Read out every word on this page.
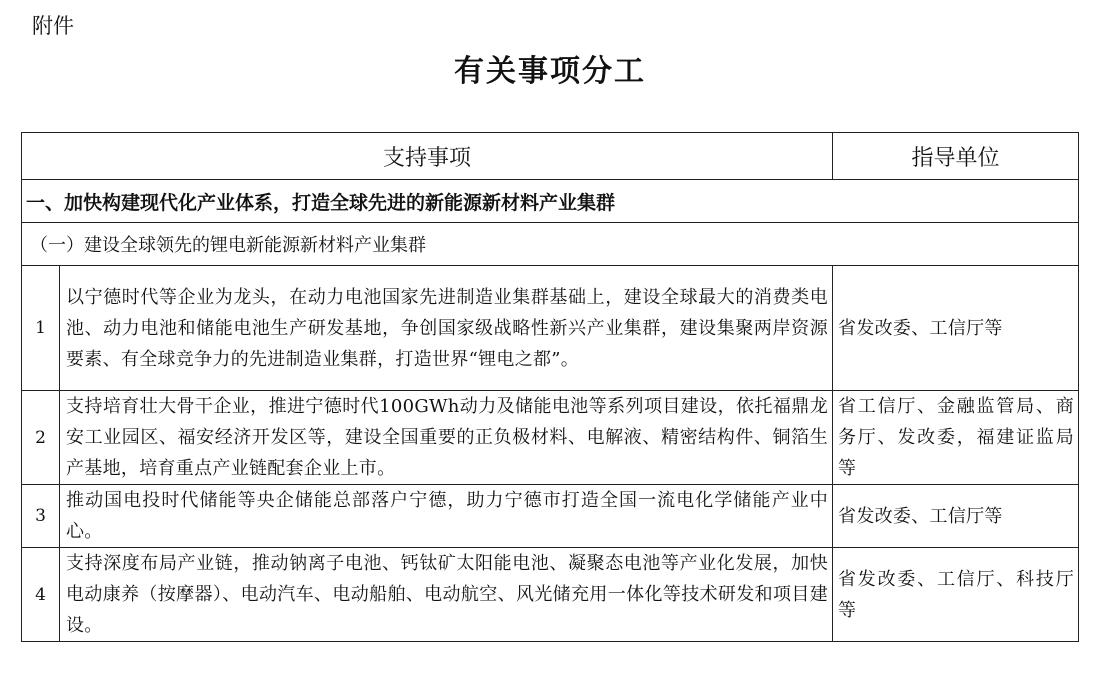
附件
有关事项分工
支持事项		指导单位
一、加快构建现代化产业体系，打造全球先进的新能源新材料产业集群		
（一）建设全球领先的锂电新能源新材料产业集群		
1	以宁德时代等企业为龙头，在动力电池国家先进制造业集群基础上，建设全球最大的消费类电池、动力电池和储能电池生产研发基地，争创国家级战略性新兴产业集群，建设集聚两岸资源要素、有全球竞争力的先进制造业集群，打造世界“锂电之都”。	省发改委、工信厅等
2	支持培育壮大骨干企业，推进宁德时代100GWh动力及储能电池等系列项目建设，依托福鼎龙安工业园区、福安经济开发区等，建设全国重要的正负极材料、电解液、精密结构件、铜箔生产基地，培育重点产业链配套企业上市。	省工信厅、金融监管局、商务厅、发改委，福建证监局等
3	推动国电投时代储能等央企储能总部落户宁德，助力宁德市打造全国一流电化学储能产业中心。	省发改委、工信厅等
4	支持深度布局产业链，推动钠离子电池、钙钛矿太阳能电池、凝聚态电池等产业化发展，加快电动康养（按摩器）、电动汽车、电动船舶、电动航空、风光储充用一体化等技术研发和项目建设。	省发改委、工信厅、科技厅等
